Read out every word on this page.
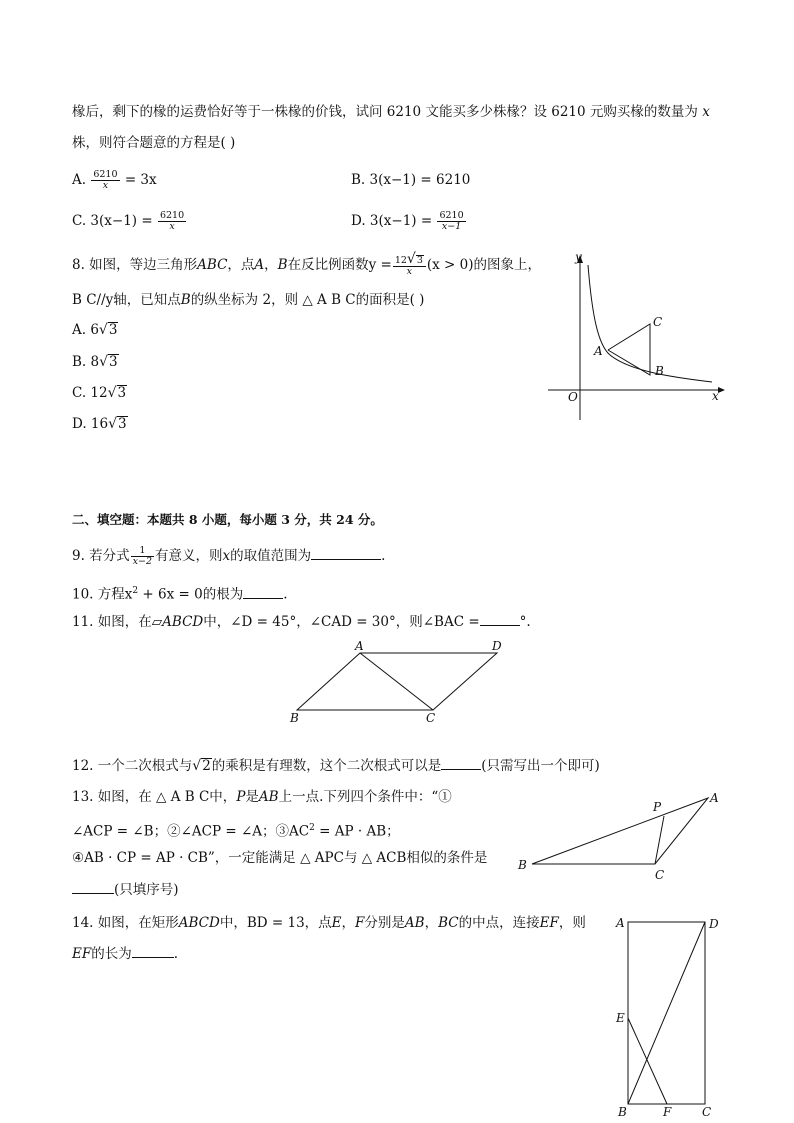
椽后，剩下的椽的运费恰好等于一株椽的价钱，试问 6210 文能买多少株椽？设 6210 元购买椽的数量为 x
株，则符合题意的方程是( )
A. $\frac{6210}{x} = 3x$	B. 3(x−1) = 6210
C. $3(x-1) = \frac{6210}{x}$	D. $3(x-1) = \frac{6210}{x-1}$
8. 如图，等边三角形ABC，点A，B在反比例函数$y = \frac{12√3}{x} (x > 0)$的图象上，
B C//y轴，已知点B的纵坐标为 2，则 △ A B C的面积是( )
A. 6√3
B. 8√3
C. 12√3
D. 16√3
y
x
O
A
C
B
二、填空题：本题共 8 小题，每小题 3 分，共 24 分。
9. 若分式 $\frac{1}{x-2}$ 有意义，则x的取值范围为	.
10. 方程$x^2 + 6x = 0$的根为	.
11. 如图，在▱ABCD中，∠D = 45°，∠CAD = 30°，则∠BAC =	°.
A	D
B	C
12. 一个二次根式与√2的乘积是有理数，这个二次根式可以是	(只需写出一个即可)
13. 如图，在 △ A B C中，P是AB上一点.下列四个条件中：“①
∠ACP = ∠B；②∠ACP = ∠A；$③AC^2$ = AP · AB；
④AB · CP = AP · CB”，一定能满足 △ APC与 △ ACB相似的条件是
(只填序号)
B
A
P
C
14. 如图，在矩形ABCD中，BD = 13，点E，F分别是AB，BC的中点，连接EF，则
EF的长为	.
A	D
E
B	F	C
